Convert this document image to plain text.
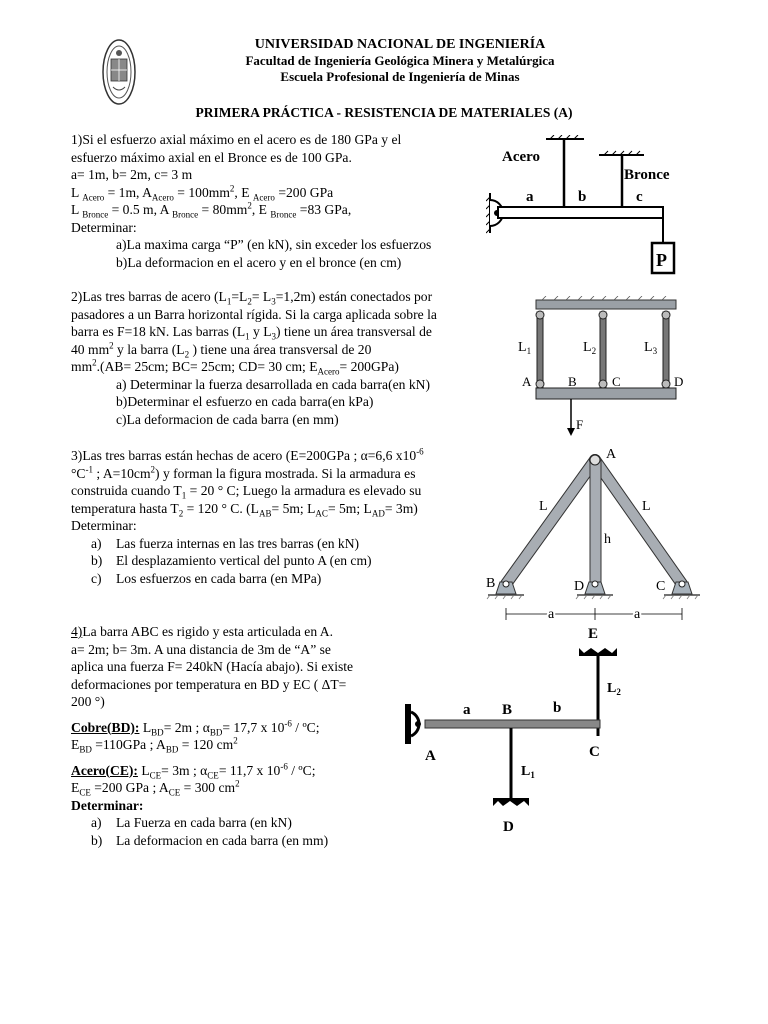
UNIVERSIDAD NACIONAL DE INGENIERÍA
Facultad de Ingeniería Geológica Minera y Metalúrgica
Escuela Profesional de Ingeniería de Minas
PRIMERA PRÁCTICA - RESISTENCIA DE MATERIALES (A)

1)Si el esfuerzo axial máximo en el acero es de 180 GPa y el

esfuerzo máximo axial en el Bronce es de 100 GPa.

a= 1m, b= 2m, c= 3 m

L $_{Acero}$ = 1m, $A_{Acero} = 100mm^2$, E $_{Acero}$ =200 GPa

L $_{Bronce}$ = 0.5 m, A $_{Bronce} = 80mm^2$, E $_{Bronce}$ =83 GPa,

Determinar:

a)La maxima carga “P” (en kN), sin exceder los esfuerzos

b)La deformacion en el acero y en el bronce (en cm)

Acero
Bronce
a	b	c
P

2)Las tres barras de acero $(L_1=L_2= L_3=1,2m)$ están conectados por

pasadores a un Barra horizontal rígida. Si la carga aplicada sobre la

barra es F=18 kN. Las barras ($L_1$ y $L_3$) tiene un área transversal de

40 $mm^2$ y la barra ($L_2$ ) tiene una área transversal de 20

$mm^2.(AB= 25cm$; BC= 25cm; CD= 30 cm; $E_{Acero}= 200GPa$)

a) Determinar la fuerza desarrollada en cada barra(en kN)

b)Determinar el esfuerzo en cada barra(en kPa)

c)La deformacion de cada barra (en mm)

$L_1$	$L_2$	$L_3$
A	B	C	D
F

3)Las tres barras están hechas de acero (E=200GPa ; α=6,6 $x10^{-6}$

$^\circ C^{-1}$ ; $A=10cm^2$) y forman la figura mostrada. Si la armadura es

construida cuando $T_1 = 20$ ° C; Luego la armadura es elevado su

temperatura hasta $T_2 = 120$ ° C. ($L_{AB}= 5m$; $L_{AC}= 5m$; $L_{AD}= 3m$)

Determinar:

a)	Las fuerza internas en las tres barras (en kN)
b)	El desplazamiento vertical del punto A (en cm)
c)	Los esfuerzos en cada barra (en MPa)
A
L	L
h
B	D	C
a	a

4)La barra ABC es rigido y esta articulada en A.

a= 2m; b= 3m. A una distancia de 3m de “A” se

aplica una fuerza F= 240kN (Hacía abajo). Si existe

deformaciones por temperatura en BD y EC ( ΔT=

200 °)

Cobre(BD): $L_{BD}= 2m$ ; $\alpha_{BD}= 17,7$ x $10^{-6}$ / ºC;

$E_{BD} =110GPa$ ; $A_{BD} = 120$ $cm^2$

Acero(CE): $L_{CE}= 3m$ ; $\alpha_{CE}= 11,7$ x $10^{-6}$ / ºC;

$E_{CE} =200$ GPa ; $A_{CE} = 300$ $cm^2$

Determinar:

a)	La Fuerza en cada barra (en kN)
b)	La deformacion en cada barra (en mm)
E
$L_2$
a B	b
A	C
$L_1$
D
